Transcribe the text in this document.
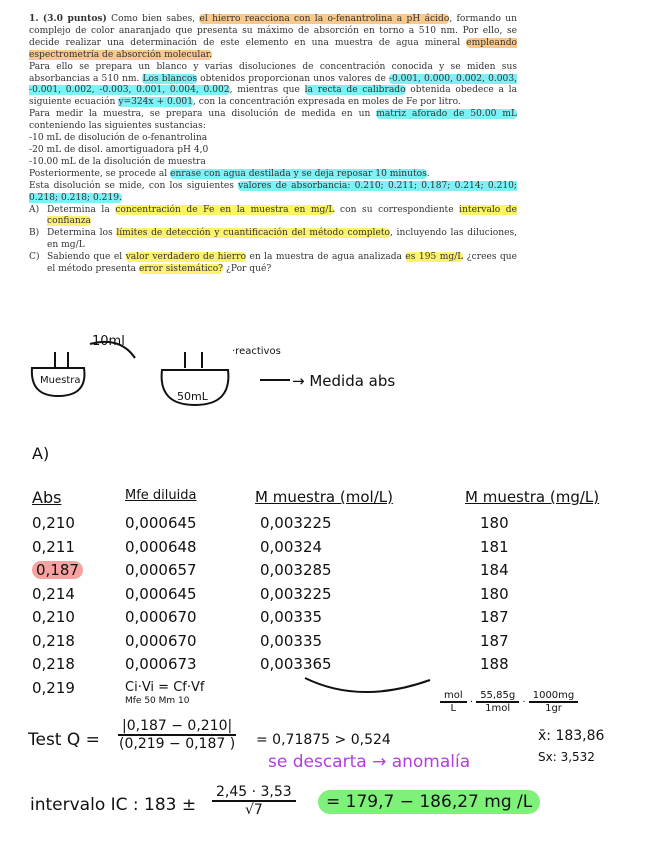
1. (3.0 puntos) Como bien sabes, el hierro reacciona con la o-fenantrolina a pH ácido, formando un complejo de color anaranjado que presenta su máximo de absorción en torno a 510 nm. Por ello, se decide realizar una determinación de este elemento en una muestra de agua mineral empleando espectrometría de absorción molecular.

Para ello se prepara un blanco y varias disoluciones de concentración conocida y se miden sus absorbancias a 510 nm. Los blancos obtenidos proporcionan unos valores de -0.001, 0.000, 0.002, 0.003, -0.001, 0.002, -0.003, 0.001, 0.004, 0.002, mientras que la recta de calibrado obtenida obedece a la siguiente ecuación y=324x + 0.001, con la concentración expresada en moles de Fe por litro.

Para medir la muestra, se prepara una disolución de medida en un matriz aforado de 50.00 mL conteniendo las siguientes sustancias:

-10 mL de disolución de o-fenantrolina

-20 mL de disol. amortiguadora pH 4,0

-10.00 mL de la disolución de muestra

Posteriormente, se procede al enrase con agua destilada y se deja reposar 10 minutos.

Esta disolución se mide, con los siguientes valores de absorbancia: 0.210; 0.211; 0.187; 0.214; 0.210; 0.218; 0.218; 0.219.

A) Determina la concentración de Fe en la muestra en mg/L con su correspondiente intervalo de confianza
B) Determina los límites de detección y cuantificación del método completo, incluyendo las diluciones, en mg/L
C) Sabiendo que el valor verdadero de hierro en la muestra de agua analizada es 195 mg/L ¿crees que el método presenta error sistemático? ¿Por qué?
10ml
Muestra
·reactivos
50mL
→ Medida abs
A)
Abs	Mfe diluida	M muestra (mol/L)	M muestra (mg/L)
0,210	0,000645	0,003225	180
0,211	0,000648	0,00324	181
0,187	0,000657	0,003285	184
0,214	0,000645	0,003225	180
0,210	0,000670	0,00335	187
0,218	0,000670	0,00335	187
0,218	0,000673	0,003365	188
0,219	Ci·Vi = Cf·Vf
Mfe 50 Mm 10	$\frac{\text{mol}}{L} \cdot \frac{55,85g}{\text{1mol}} \cdot \frac{1000mg}{1gr}$
x̄: 183,86
Sx: 3,532
Test $Q = \frac{|0,187 - 0,210|}{(0,219 - 0,187 )} = 0,71875 > 0,524$
se descarta → anomalía
intervalo IC : $183 \pm \frac{2,45 \cdot 3,53}{√7}$	= 179,7 − 186,27 mg /L
